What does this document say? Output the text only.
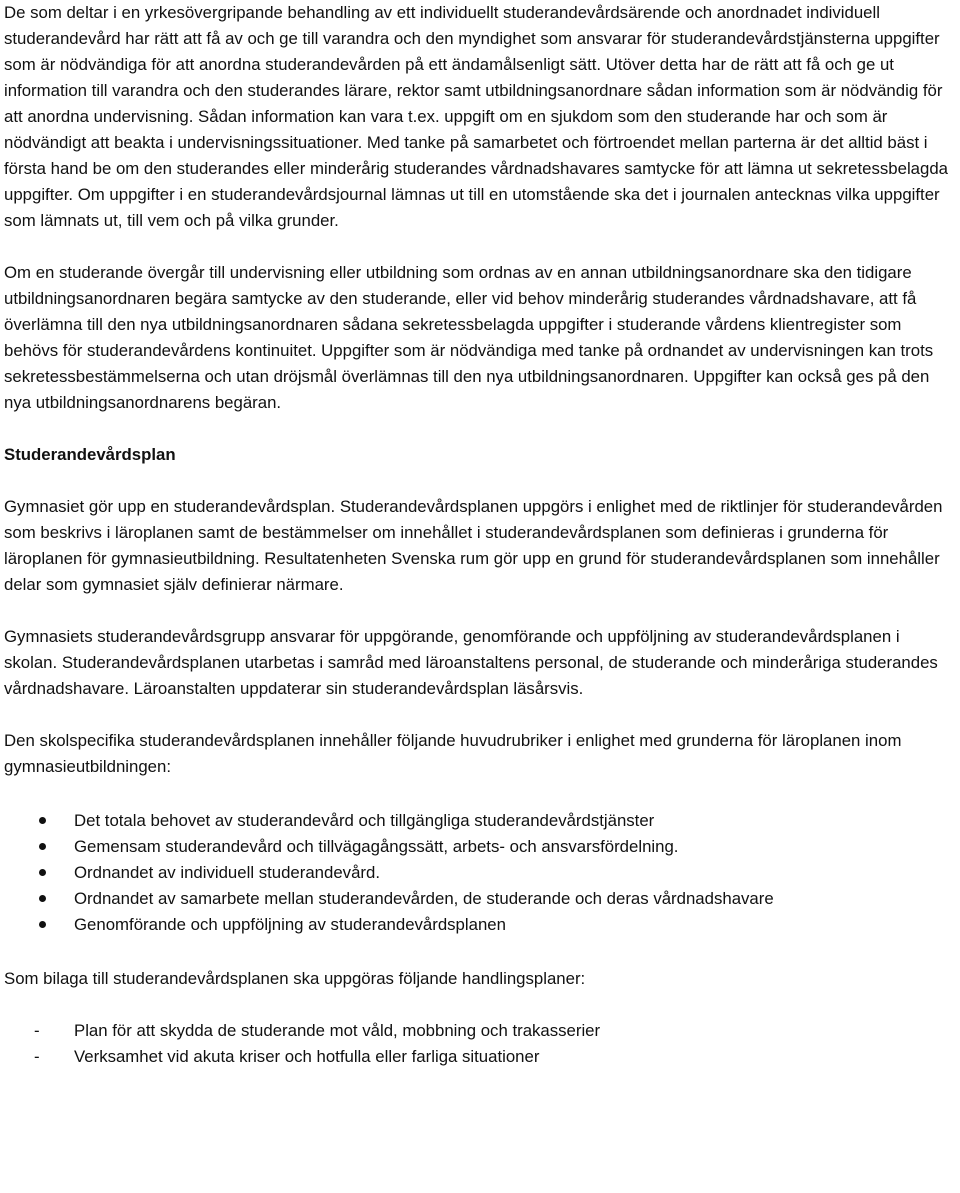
De som deltar i en yrkesövergripande behandling av ett individuellt studerandevårdsärende och anordnadet individuell studerandevård har rätt att få av och ge till varandra och den myndighet som ansvarar för studerandevårdstjänsterna uppgifter som är nödvändiga för att anordna studerandevården på ett ändamålsenligt sätt. Utöver detta har de rätt att få och ge ut information till varandra och den studerandes lärare, rektor samt utbildningsanordnare sådan information som är nödvändig för att anordna undervisning. Sådan information kan vara t.ex. uppgift om en sjukdom som den studerande har och som är nödvändigt att beakta i undervisningssituationer. Med tanke på samarbetet och förtroendet mellan parterna är det alltid bäst i första hand be om den studerandes eller minderårig studerandes vårdnadshavares samtycke för att lämna ut sekretessbelagda uppgifter. Om uppgifter i en studerandevårdsjournal lämnas ut till en utomstående ska det i journalen antecknas vilka uppgifter som lämnats ut, till vem och på vilka grunder.

Om en studerande övergår till undervisning eller utbildning som ordnas av en annan utbildningsanordnare ska den tidigare utbildningsanordnaren begära samtycke av den studerande, eller vid behov minderårig studerandes vårdnadshavare, att få överlämna till den nya utbildningsanordnaren sådana sekretessbelagda uppgifter i studerande vårdens klientregister som behövs för studerandevårdens kontinuitet. Uppgifter som är nödvändiga med tanke på ordnandet av undervisningen kan trots sekretessbestämmelserna och utan dröjsmål överlämnas till den nya utbildningsanordnaren. Uppgifter kan också ges på den nya utbildningsanordnarens begäran.

Studerandevårdsplan

Gymnasiet gör upp en studerandevårdsplan. Studerandevårdsplanen uppgörs i enlighet med de riktlinjer för studerandevården som beskrivs i läroplanen samt de bestämmelser om innehållet i studerandevårdsplanen som definieras i grunderna för läroplanen för gymnasieutbildning. Resultatenheten Svenska rum gör upp en grund för studerandevårdsplanen som innehåller delar som gymnasiet själv definierar närmare.

Gymnasiets studerandevårdsgrupp ansvarar för uppgörande, genomförande och uppföljning av studerandevårdsplanen i skolan. Studerandevårdsplanen utarbetas i samråd med läroanstaltens personal, de studerande och minderåriga studerandes vårdnadshavare. Läroanstalten uppdaterar sin studerandevårdsplan läsårsvis.

Den skolspecifika studerandevårdsplanen innehåller följande huvudrubriker i enlighet med grunderna för läroplanen inom gymnasieutbildningen:

Det totala behovet av studerandevård och tillgängliga studerandevårdstjänster
Gemensam studerandevård och tillvägagångssätt, arbets- och ansvarsfördelning.
Ordnandet av individuell studerandevård.
Ordnandet av samarbete mellan studerandevården, de studerande och deras vårdnadshavare
Genomförande och uppföljning av studerandevårdsplanen

Som bilaga till studerandevårdsplanen ska uppgöras följande handlingsplaner:

-	Plan för att skydda de studerande mot våld, mobbning och trakasserier
-	Verksamhet vid akuta kriser och hotfulla eller farliga situationer
